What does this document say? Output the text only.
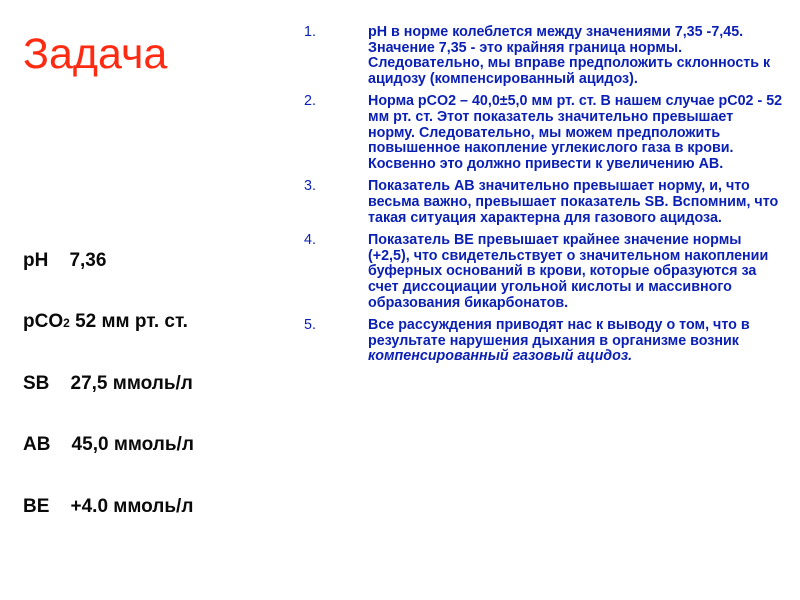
Задача
pH    7,36
pCO2 52 мм рт. ст.
SB    27,5 ммоль/л
AB    45,0 ммоль/л
BE    +4.0 ммоль/л
1.	pH в норме колеблется между значениями 7,35 -7,45. Значение 7,35 - это крайняя граница нормы. Следовательно, мы вправе предположить склонность к ацидозу (компенсированный ацидоз).
2.	Норма pCO2 – 40,0±5,0 мм рт. ст. В нашем случае pC02 - 52 мм рт. ст. Этот показатель значительно превышает норму. Следовательно, мы можем предположить повышенное накопление углекислого газа в крови. Косвенно это должно привести к увеличению AB.
3.	Показатель AB значительно превышает норму, и, что весьма важно, превышает показатель SB. Вспомним, что такая ситуация характерна для газового ацидоза.
4.	Показатель BE превышает крайнее значение нормы (+2,5), что свидетельствует о значительном накоплении буферных оснований в крови, которые образуются за счет диссоциации угольной кислоты и массивного образования бикарбонатов.
5.	Все рассуждения приводят нас к выводу о том, что в результате нарушения дыхания в организме возник
компенсированный газовый ацидоз.
